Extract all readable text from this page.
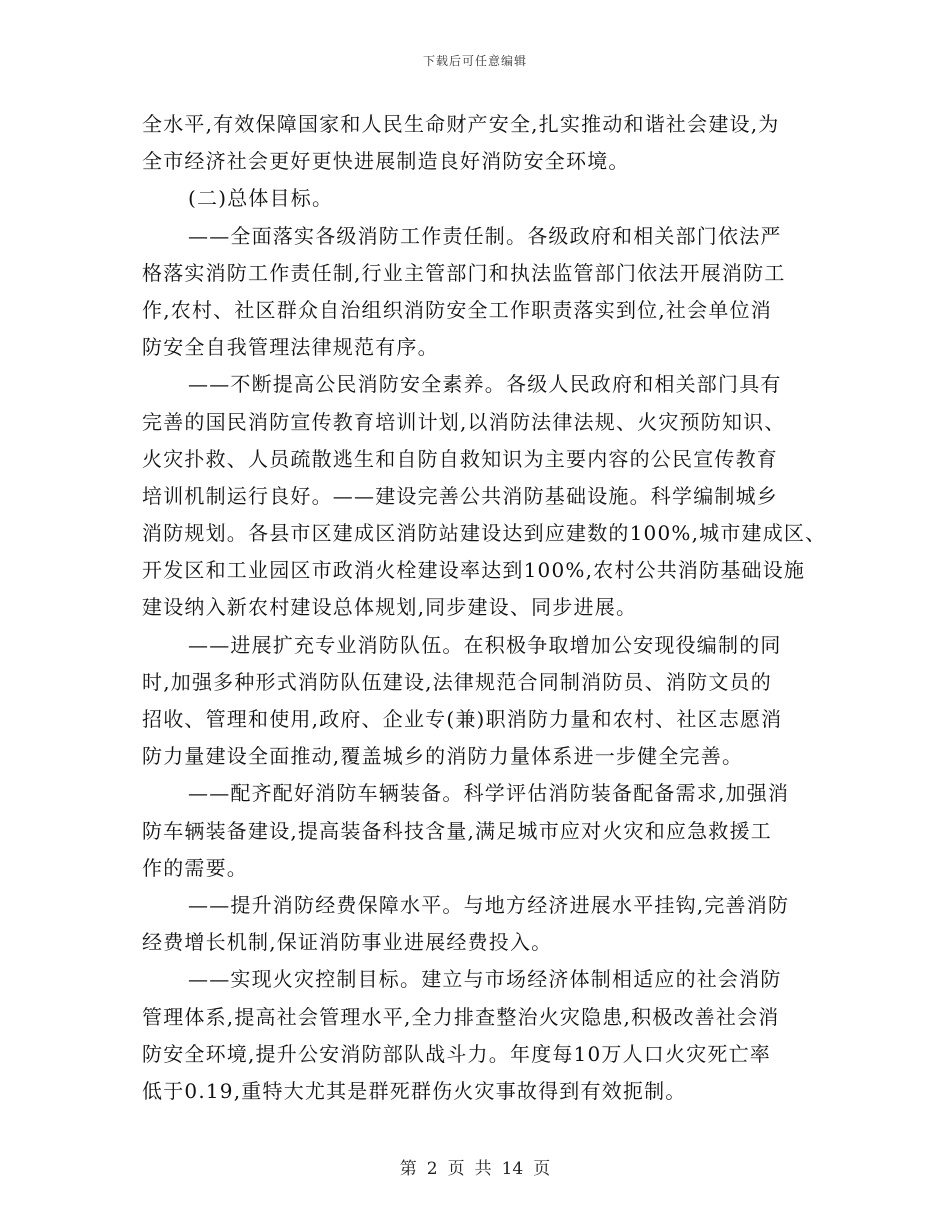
下载后可任意编辑
全水平,有效保障国家和人民生命财产安全,扎实推动和谐社会建设,为
全市经济社会更好更快进展制造良好消防安全环境。
(二)总体目标。
——全面落实各级消防工作责任制。各级政府和相关部门依法严
格落实消防工作责任制,行业主管部门和执法监管部门依法开展消防工
作,农村、社区群众自治组织消防安全工作职责落实到位,社会单位消
防安全自我管理法律规范有序。
——不断提高公民消防安全素养。各级人民政府和相关部门具有
完善的国民消防宣传教育培训计划,以消防法律法规、火灾预防知识、
火灾扑救、人员疏散逃生和自防自救知识为主要内容的公民宣传教育
培训机制运行良好。——建设完善公共消防基础设施。科学编制城乡
消防规划。各县市区建成区消防站建设达到应建数的100%,城市建成区、
开发区和工业园区市政消火栓建设率达到100%,农村公共消防基础设施
建设纳入新农村建设总体规划,同步建设、同步进展。
——进展扩充专业消防队伍。在积极争取增加公安现役编制的同
时,加强多种形式消防队伍建设,法律规范合同制消防员、消防文员的
招收、管理和使用,政府、企业专(兼)职消防力量和农村、社区志愿消
防力量建设全面推动,覆盖城乡的消防力量体系进一步健全完善。
——配齐配好消防车辆装备。科学评估消防装备配备需求,加强消
防车辆装备建设,提高装备科技含量,满足城市应对火灾和应急救援工
作的需要。
——提升消防经费保障水平。与地方经济进展水平挂钩,完善消防
经费增长机制,保证消防事业进展经费投入。
——实现火灾控制目标。建立与市场经济体制相适应的社会消防
管理体系,提高社会管理水平,全力排查整治火灾隐患,积极改善社会消
防安全环境,提升公安消防部队战斗力。年度每10万人口火灾死亡率
低于0.19,重特大尤其是群死群伤火灾事故得到有效扼制。
第 2 页 共 14 页
